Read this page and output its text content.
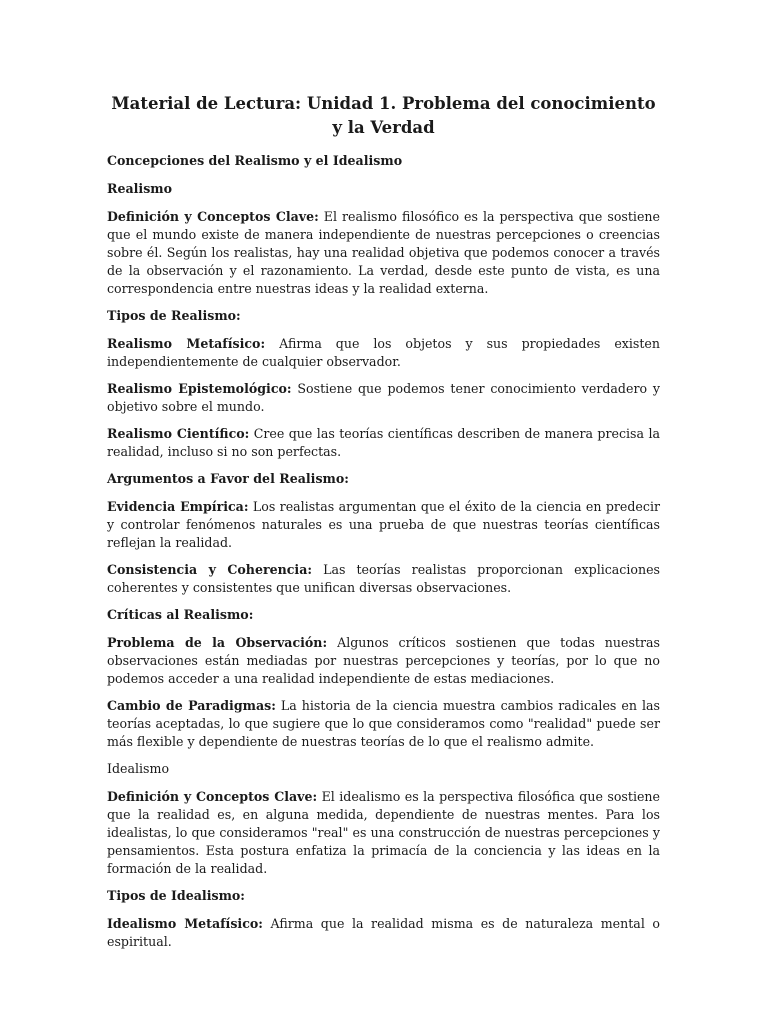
Material de Lectura: Unidad 1. Problema del conocimiento y la Verdad
Concepciones del Realismo y el Idealismo
Realismo

Definición y Conceptos Clave: El realismo filosófico es la perspectiva que sostiene que el mundo existe de manera independiente de nuestras percepciones o creencias sobre él. Según los realistas, hay una realidad objetiva que podemos conocer a través de la observación y el razonamiento. La verdad, desde este punto de vista, es una correspondencia entre nuestras ideas y la realidad externa.

Tipos de Realismo:

Realismo Metafísico: Afirma que los objetos y sus propiedades existen independientemente de cualquier observador.

Realismo Epistemológico: Sostiene que podemos tener conocimiento verdadero y objetivo sobre el mundo.

Realismo Científico: Cree que las teorías científicas describen de manera precisa la realidad, incluso si no son perfectas.

Argumentos a Favor del Realismo:

Evidencia Empírica: Los realistas argumentan que el éxito de la ciencia en predecir y controlar fenómenos naturales es una prueba de que nuestras teorías científicas reflejan la realidad.

Consistencia y Coherencia: Las teorías realistas proporcionan explicaciones coherentes y consistentes que unifican diversas observaciones.

Críticas al Realismo:

Problema de la Observación: Algunos críticos sostienen que todas nuestras observaciones están mediadas por nuestras percepciones y teorías, por lo que no podemos acceder a una realidad independiente de estas mediaciones.

Cambio de Paradigmas: La historia de la ciencia muestra cambios radicales en las teorías aceptadas, lo que sugiere que lo que consideramos como "realidad" puede ser más flexible y dependiente de nuestras teorías de lo que el realismo admite.

Idealismo

Definición y Conceptos Clave: El idealismo es la perspectiva filosófica que sostiene que la realidad es, en alguna medida, dependiente de nuestras mentes. Para los idealistas, lo que consideramos "real" es una construcción de nuestras percepciones y pensamientos. Esta postura enfatiza la primacía de la conciencia y las ideas en la formación de la realidad.

Tipos de Idealismo:

Idealismo Metafísico: Afirma que la realidad misma es de naturaleza mental o espiritual.
